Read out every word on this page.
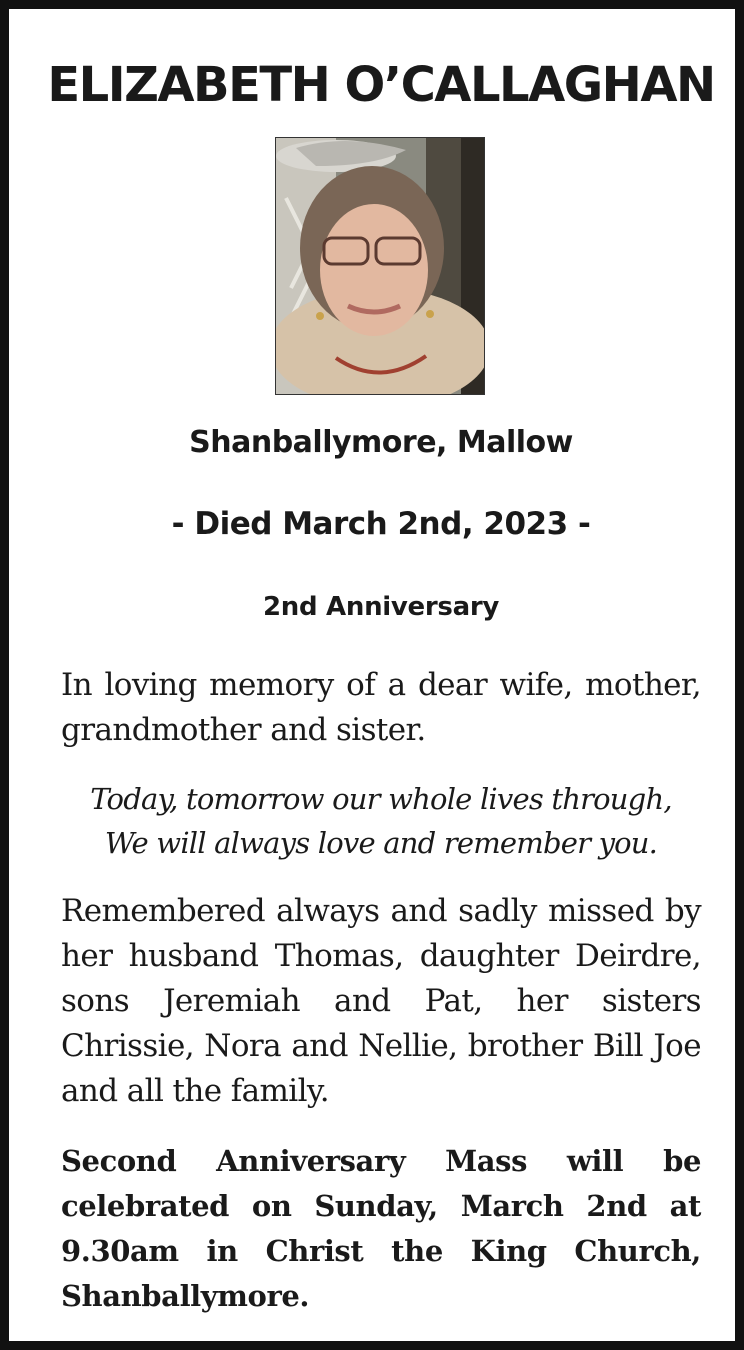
ELIZABETH O’CALLAGHAN
Shanballymore, Mallow
- Died March 2nd, 2023 -
2nd Anniversary
In loving memory of a dear wife, mother, grandmother and sister.
Today, tomorrow our whole lives through,
We will always love and remember you.
Remembered always and sadly missed by her husband Thomas, daughter Deirdre, sons Jeremiah and Pat, her sisters Chrissie, Nora and Nellie, brother Bill Joe and all the family.
Second Anniversary Mass will be celebrated on Sunday, March 2nd at 9.30am in Christ the King Church, Shanballymore.
